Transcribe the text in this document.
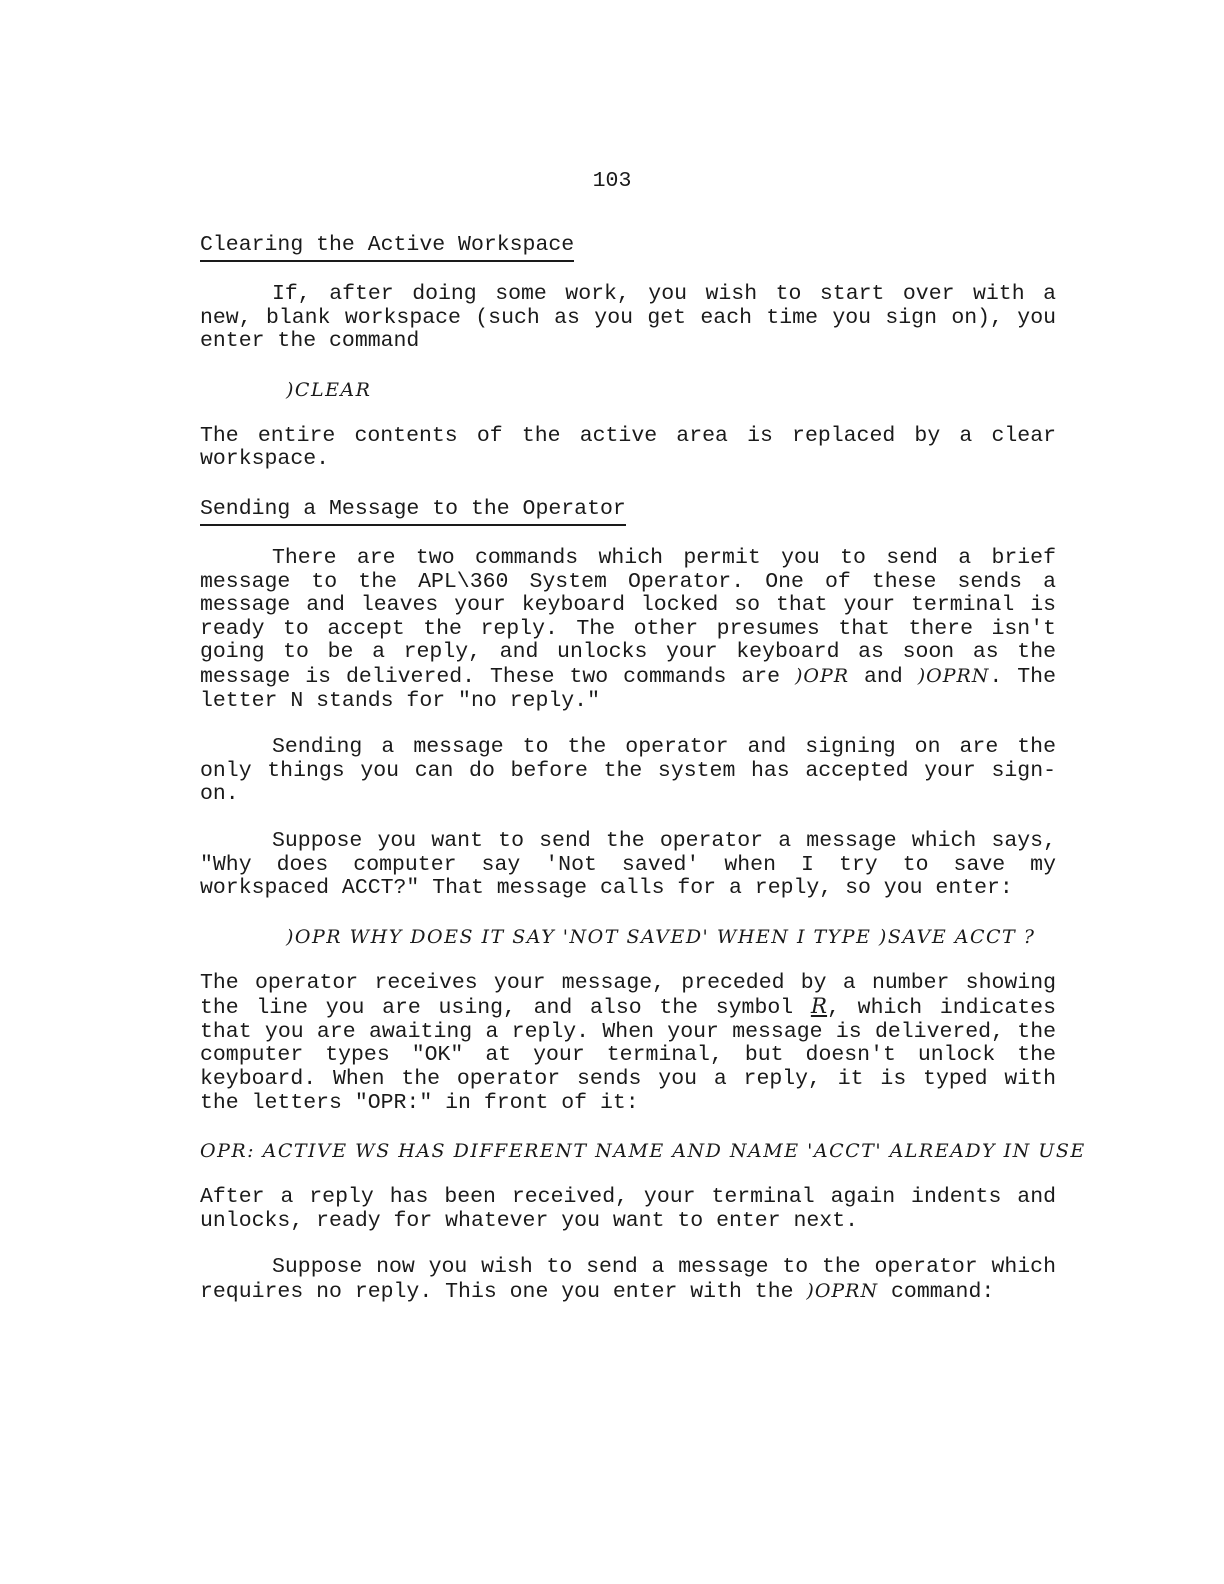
103
Clearing the Active Workspace

If, after doing some work, you wish to start over with a new, blank workspace (such as you get each time you sign on), you enter the command

)CLEAR

The entire contents of the active area is replaced by a clear workspace.

Sending a Message to the Operator

There are two commands which permit you to send a brief message to the APL\360 System Operator. One of these sends a message and leaves your keyboard locked so that your terminal is ready to accept the reply. The other presumes that there isn't going to be a reply, and unlocks your keyboard as soon as the message is delivered. These two commands are )OPR and )OPRN. The letter N stands for "no reply."

Sending a message to the operator and signing on are the only things you can do before the system has accepted your sign-on.

Suppose you want to send the operator a message which says, "Why does computer say 'Not saved' when I try to save my workspaced ACCT?" That message calls for a reply, so you enter:

)OPR WHY DOES IT SAY 'NOT SAVED' WHEN I TYPE )SAVE ACCT ?

The operator receives your message, preceded by a number showing the line you are using, and also the symbol R, which indicates that you are awaiting a reply. When your message is delivered, the computer types "OK" at your terminal, but doesn't unlock the keyboard. When the operator sends you a reply, it is typed with the letters "OPR:" in front of it:

OPR: ACTIVE WS HAS DIFFERENT NAME AND NAME 'ACCT' ALREADY IN USE

After a reply has been received, your terminal again indents and unlocks, ready for whatever you want to enter next.

Suppose now you wish to send a message to the operator which requires no reply. This one you enter with the )OPRN command:
